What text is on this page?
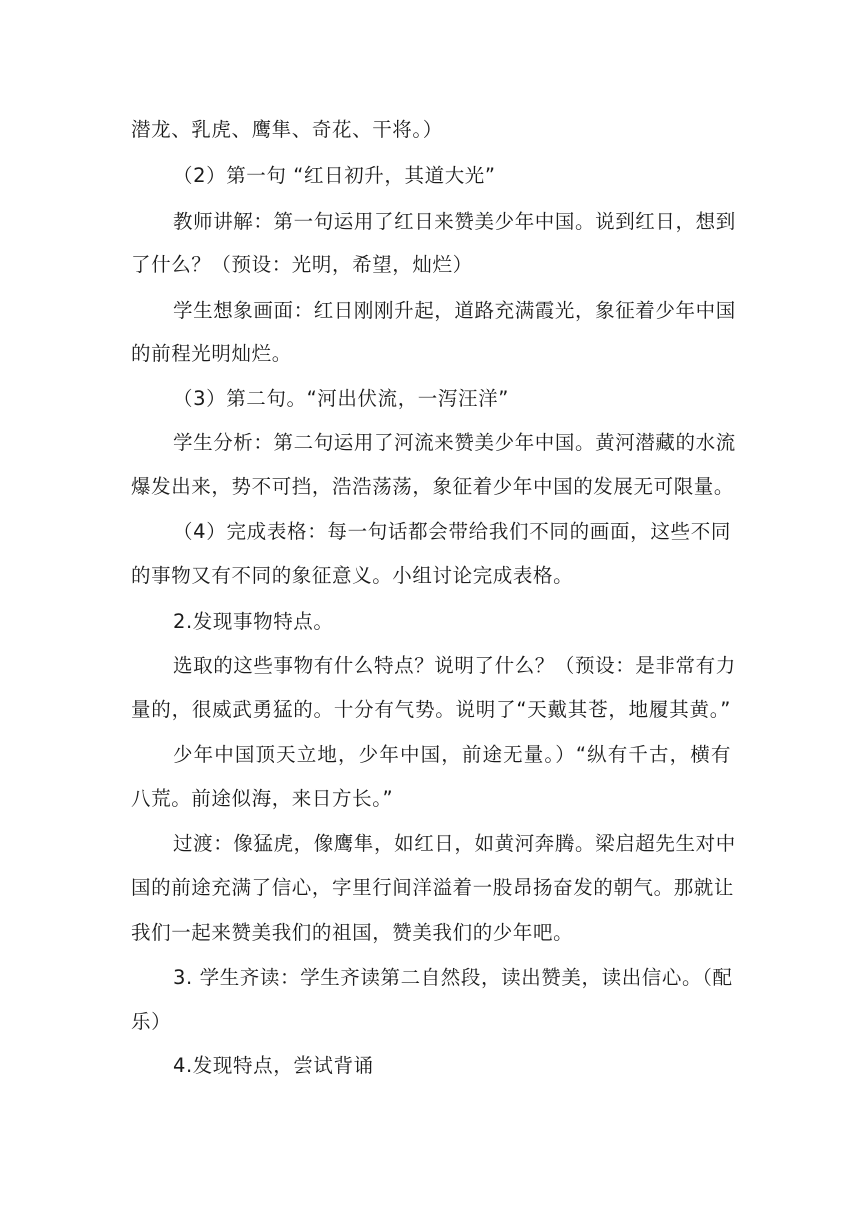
潜龙、乳虎、鹰隼、奇花、干将。）
（2）第一句 “红日初升，其道大光”
教师讲解：第一句运用了红日来赞美少年中国。说到红日，想到
了什么？（预设：光明，希望，灿烂）
学生想象画面：红日刚刚升起，道路充满霞光，象征着少年中国
的前程光明灿烂。
（3）第二句。“河出伏流，一泻汪洋”
学生分析：第二句运用了河流来赞美少年中国。黄河潜藏的水流
爆发出来，势不可挡，浩浩荡荡，象征着少年中国的发展无可限量。
（4）完成表格：每一句话都会带给我们不同的画面，这些不同
的事物又有不同的象征意义。小组讨论完成表格。
2.发现事物特点。
选取的这些事物有什么特点？说明了什么？（预设：是非常有力
量的，很威武勇猛的。十分有气势。说明了“天戴其苍，地履其黄。”
少年中国顶天立地，少年中国，前途无量。）“纵有千古，横有
八荒。前途似海，来日方长。”
过渡：像猛虎，像鹰隼，如红日，如黄河奔腾。梁启超先生对中
国的前途充满了信心，字里行间洋溢着一股昂扬奋发的朝气。那就让
我们一起来赞美我们的祖国，赞美我们的少年吧。
3. 学生齐读：学生齐读第二自然段，读出赞美，读出信心。（配
乐）
4.发现特点，尝试背诵
